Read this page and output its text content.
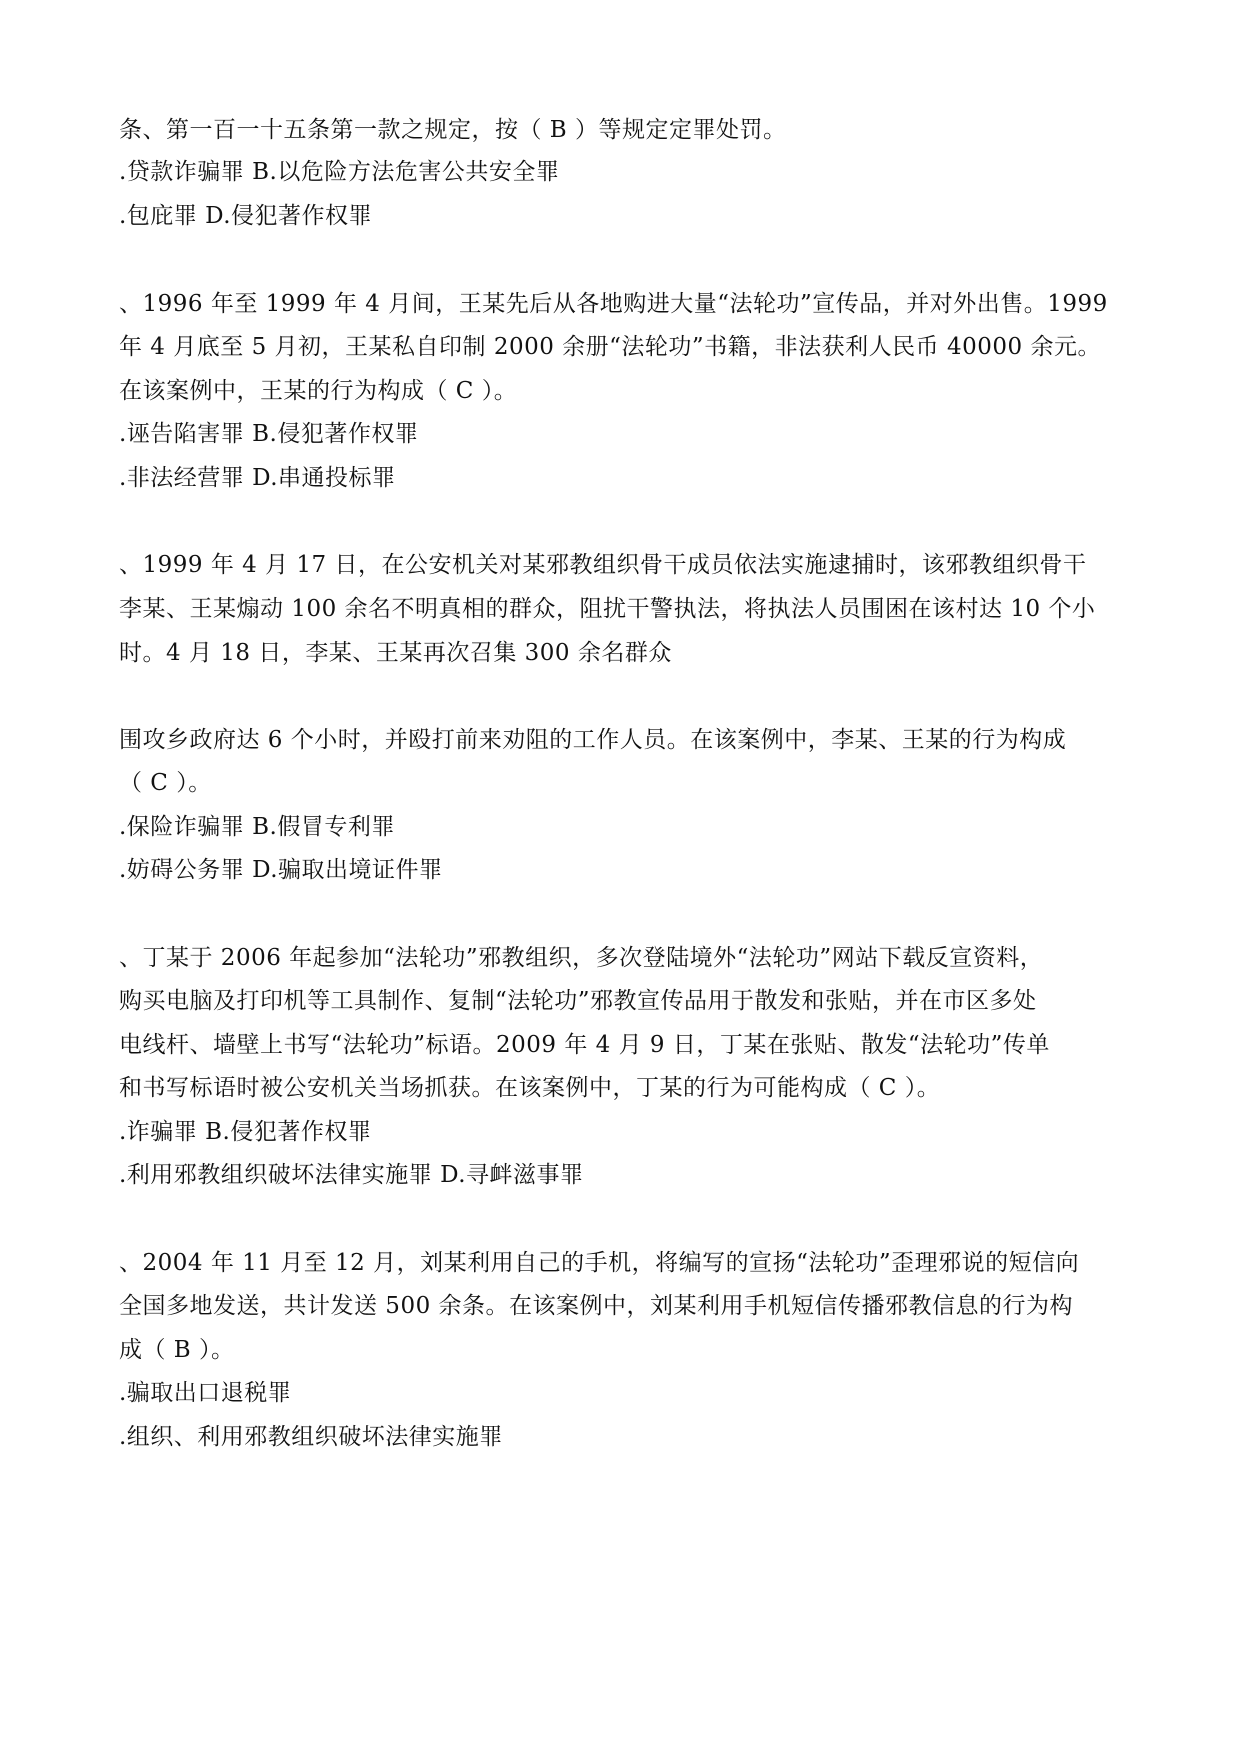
条、第一百一十五条第一款之规定，按（ B ）等规定定罪处罚。
.贷款诈骗罪 B.以危险方法危害公共安全罪
.包庇罪 D.侵犯著作权罪
、1996 年至 1999 年 4 月间，王某先后从各地购进大量“法轮功”宣传品，并对外出售。1999
年 4 月底至 5 月初，王某私自印制 2000 余册“法轮功”书籍，非法获利人民币 40000 余元。
在该案例中，王某的行为构成（ C ）。
.诬告陷害罪 B.侵犯著作权罪
.非法经营罪 D.串通投标罪
、1999 年 4 月 17 日，在公安机关对某邪教组织骨干成员依法实施逮捕时，该邪教组织骨干
李某、王某煽动 100 余名不明真相的群众，阻扰干警执法，将执法人员围困在该村达 10 个小
时。4 月 18 日，李某、王某再次召集 300 余名群众
围攻乡政府达 6 个小时，并殴打前来劝阻的工作人员。在该案例中，李某、王某的行为构成
（ C ）。
.保险诈骗罪 B.假冒专利罪
.妨碍公务罪 D.骗取出境证件罪
、丁某于 2006 年起参加“法轮功”邪教组织，多次登陆境外“法轮功”网站下载反宣资料，
购买电脑及打印机等工具制作、复制“法轮功”邪教宣传品用于散发和张贴，并在市区多处
电线杆、墙壁上书写“法轮功”标语。2009 年 4 月 9 日，丁某在张贴、散发“法轮功”传单
和书写标语时被公安机关当场抓获。在该案例中，丁某的行为可能构成（ C ）。
.诈骗罪 B.侵犯著作权罪
.利用邪教组织破坏法律实施罪 D.寻衅滋事罪
、2004 年 11 月至 12 月，刘某利用自己的手机，将编写的宣扬“法轮功”歪理邪说的短信向
全国多地发送，共计发送 500 余条。在该案例中，刘某利用手机短信传播邪教信息的行为构
成（ B ）。
.骗取出口退税罪
.组织、利用邪教组织破坏法律实施罪
